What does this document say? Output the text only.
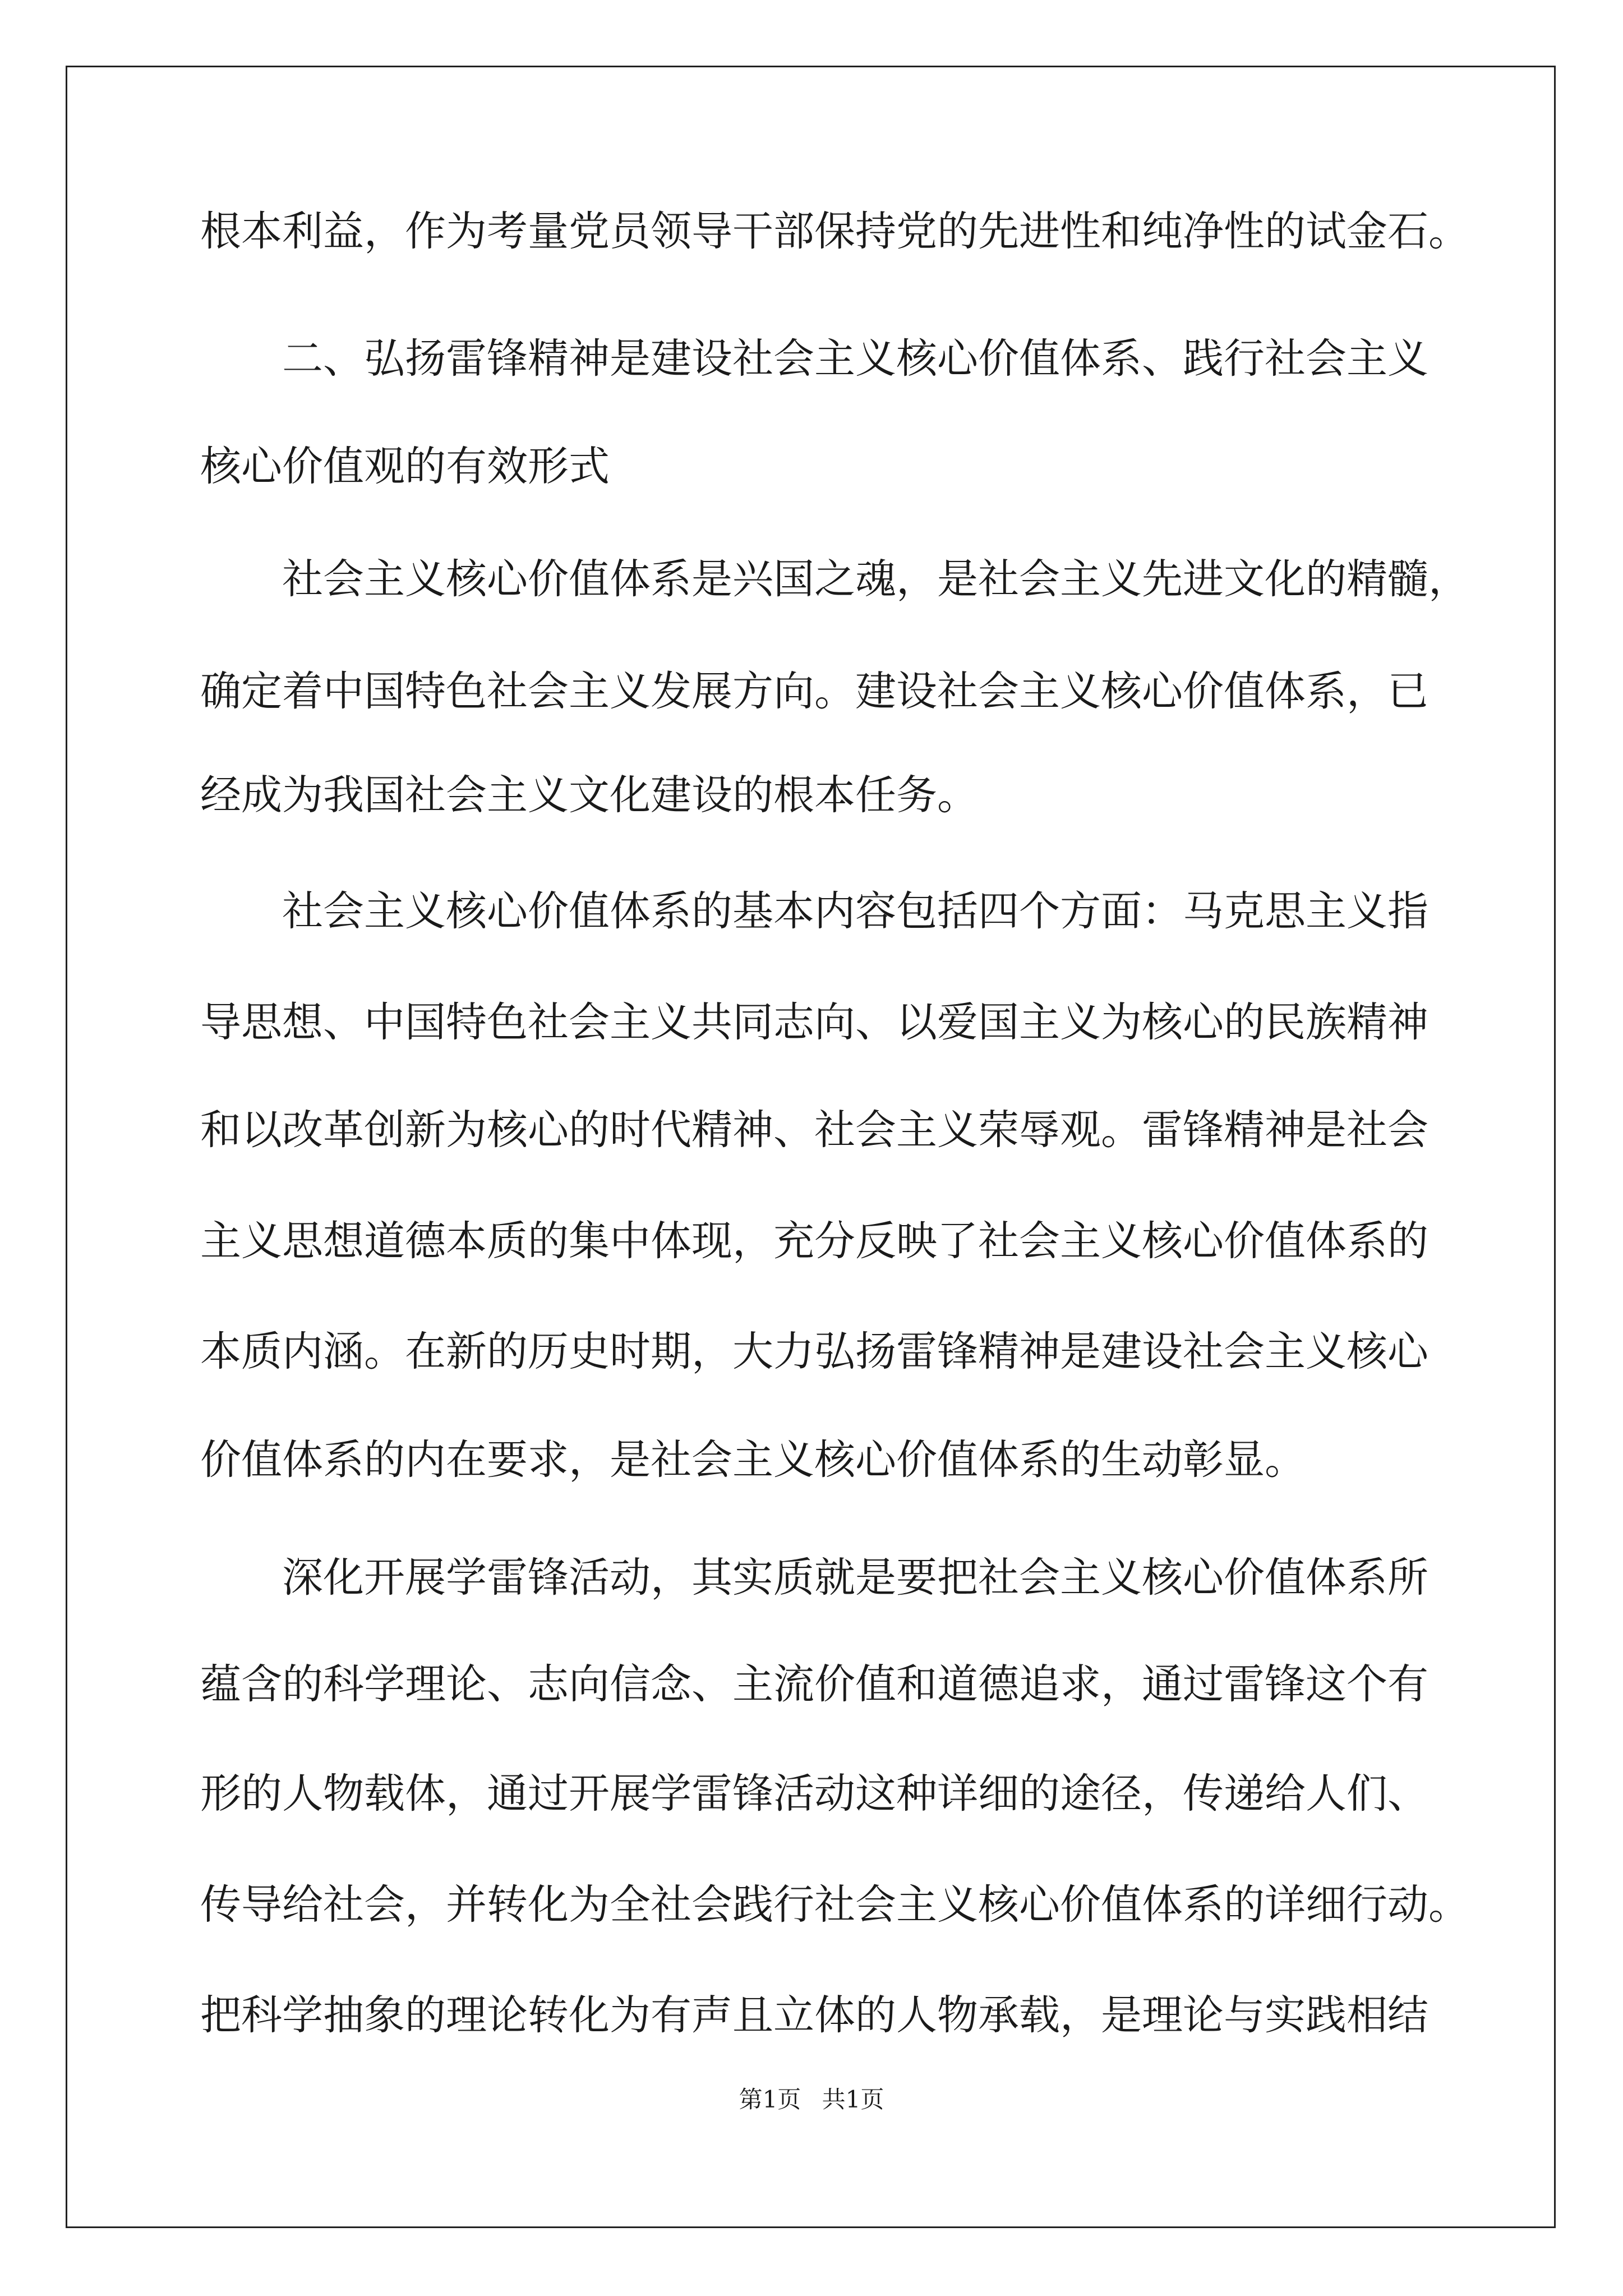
根本利益，作为考量党员领导干部保持党的先进性和纯净性的试金石。
　　二、弘扬雷锋精神是建设社会主义核心价值体系、践行社会主义
核心价值观的有效形式
　　社会主义核心价值体系是兴国之魂，是社会主义先进文化的精髓，
确定着中国特色社会主义发展方向。建设社会主义核心价值体系，已
经成为我国社会主义文化建设的根本任务。
　　社会主义核心价值体系的基本内容包括四个方面：马克思主义指
导思想、中国特色社会主义共同志向、以爱国主义为核心的民族精神
和以改革创新为核心的时代精神、社会主义荣辱观。雷锋精神是社会
主义思想道德本质的集中体现，充分反映了社会主义核心价值体系的
本质内涵。在新的历史时期，大力弘扬雷锋精神是建设社会主义核心
价值体系的内在要求，是社会主义核心价值体系的生动彰显。
　　深化开展学雷锋活动，其实质就是要把社会主义核心价值体系所
蕴含的科学理论、志向信念、主流价值和道德追求，通过雷锋这个有
形的人物载体，通过开展学雷锋活动这种详细的途径，传递给人们、
传导给社会，并转化为全社会践行社会主义核心价值体系的详细行动。
把科学抽象的理论转化为有声且立体的人物承载，是理论与实践相结
第1页 共1页
